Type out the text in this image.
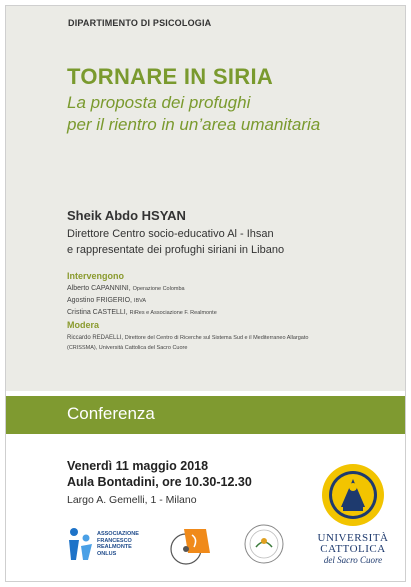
DIPARTIMENTO DI PSICOLOGIA
TORNARE IN SIRIA
La proposta dei profughi
per il rientro in un’area umanitaria
Sheik Abdo HSYAN
Direttore Centro socio-educativo Al - Ihsan
e rappresentate dei profughi siriani in Libano
Intervengono
Alberto CAPANNINI, Operazione Colomba
Agostino FRIGERIO, IBVA
Cristina CASTELLI, RiRes e Associazione F. Realmonte
Modera
Riccardo REDAELLI, Direttore del Centro di Ricerche sul Sistema Sud e il Mediterraneo Allargato
(CRISSMA), Università Cattolica del Sacro Cuore
Conferenza
Venerdì 11 maggio 2018
Aula Bontadini, ore 10.30-12.30
Largo A. Gemelli, 1 - Milano
UNIVERSITÀ
CATTOLICA
del Sacro Cuore
ASSOCIAZIONE
FRANCESCO
REALMONTE
ONLUS
